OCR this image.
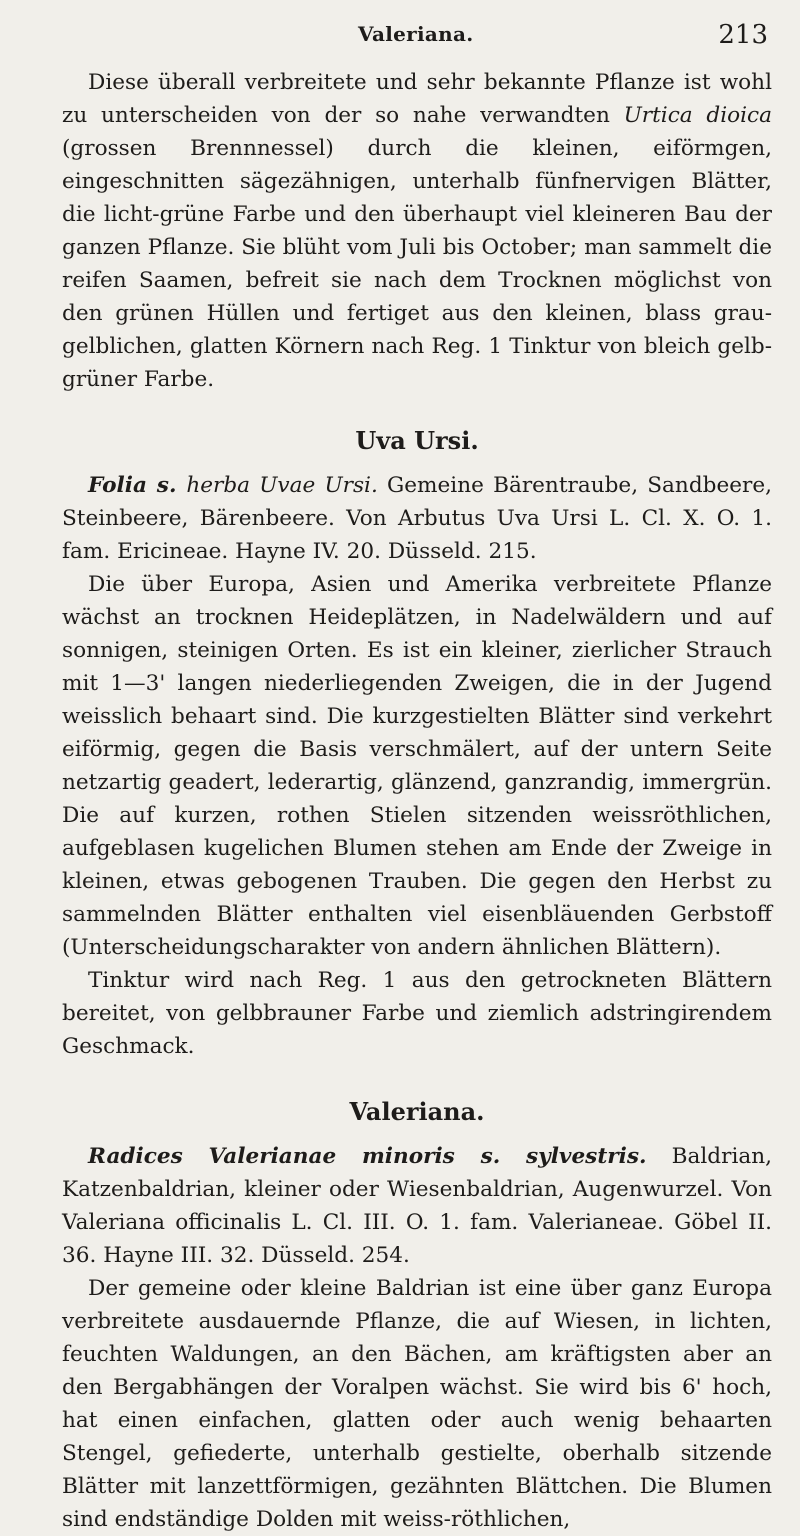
Valeriana.	213

Diese überall verbreitete und sehr bekannte Pflanze ist wohl zu unterscheiden von der so nahe verwandten Urtica dioica (grossen Brennnessel) durch die kleinen, eiförmgen, eingeschnitten sägezähnigen, unterhalb fünfnervigen Blätter, die licht-grüne Farbe und den überhaupt viel kleineren Bau der ganzen Pflanze. Sie blüht vom Juli bis October; man sammelt die reifen Saamen, befreit sie nach dem Trocknen möglichst von den grünen Hüllen und fertiget aus den kleinen, blass grau-gelblichen, glatten Körnern nach Reg. 1 Tinktur von bleich gelb-grüner Farbe.

Uva Ursi.

Folia s. herba Uvae Ursi. Gemeine Bärentraube, Sandbeere, Steinbeere, Bärenbeere. Von Arbutus Uva Ursi L. Cl. X. O. 1. fam. Ericineae. Hayne IV. 20. Düsseld. 215.

Die über Europa, Asien und Amerika verbreitete Pflanze wächst an trocknen Heideplätzen, in Nadelwäldern und auf sonnigen, steinigen Orten. Es ist ein kleiner, zierlicher Strauch mit 1—3' langen niederliegenden Zweigen, die in der Jugend weisslich behaart sind. Die kurzgestielten Blätter sind verkehrt eiförmig, gegen die Basis verschmälert, auf der untern Seite netzartig geadert, lederartig, glänzend, ganzrandig, immergrün. Die auf kurzen, rothen Stielen sitzenden weissröthlichen, aufgeblasen kugelichen Blumen stehen am Ende der Zweige in kleinen, etwas gebogenen Trauben. Die gegen den Herbst zu sammelnden Blätter enthalten viel eisenbläuenden Gerbstoff (Unterscheidungscharakter von andern ähnlichen Blättern).

Tinktur wird nach Reg. 1 aus den getrockneten Blättern bereitet, von gelbbrauner Farbe und ziemlich adstringirendem Geschmack.

Valeriana.

Radices Valerianae minoris s. sylvestris. Baldrian, Katzenbaldrian, kleiner oder Wiesenbaldrian, Augenwurzel. Von Valeriana officinalis L. Cl. III. O. 1. fam. Valerianeae. Göbel II. 36. Hayne III. 32. Düsseld. 254.

Der gemeine oder kleine Baldrian ist eine über ganz Europa verbreitete ausdauernde Pflanze, die auf Wiesen, in lichten, feuchten Waldungen, an den Bächen, am kräftigsten aber an den Bergabhängen der Voralpen wächst. Sie wird bis 6' hoch, hat einen einfachen, glatten oder auch wenig behaarten Stengel, gefiederte, unterhalb gestielte, oberhalb sitzende Blätter mit lanzettförmigen, gezähnten Blättchen. Die Blumen sind endständige Dolden mit weiss-röthlichen,
